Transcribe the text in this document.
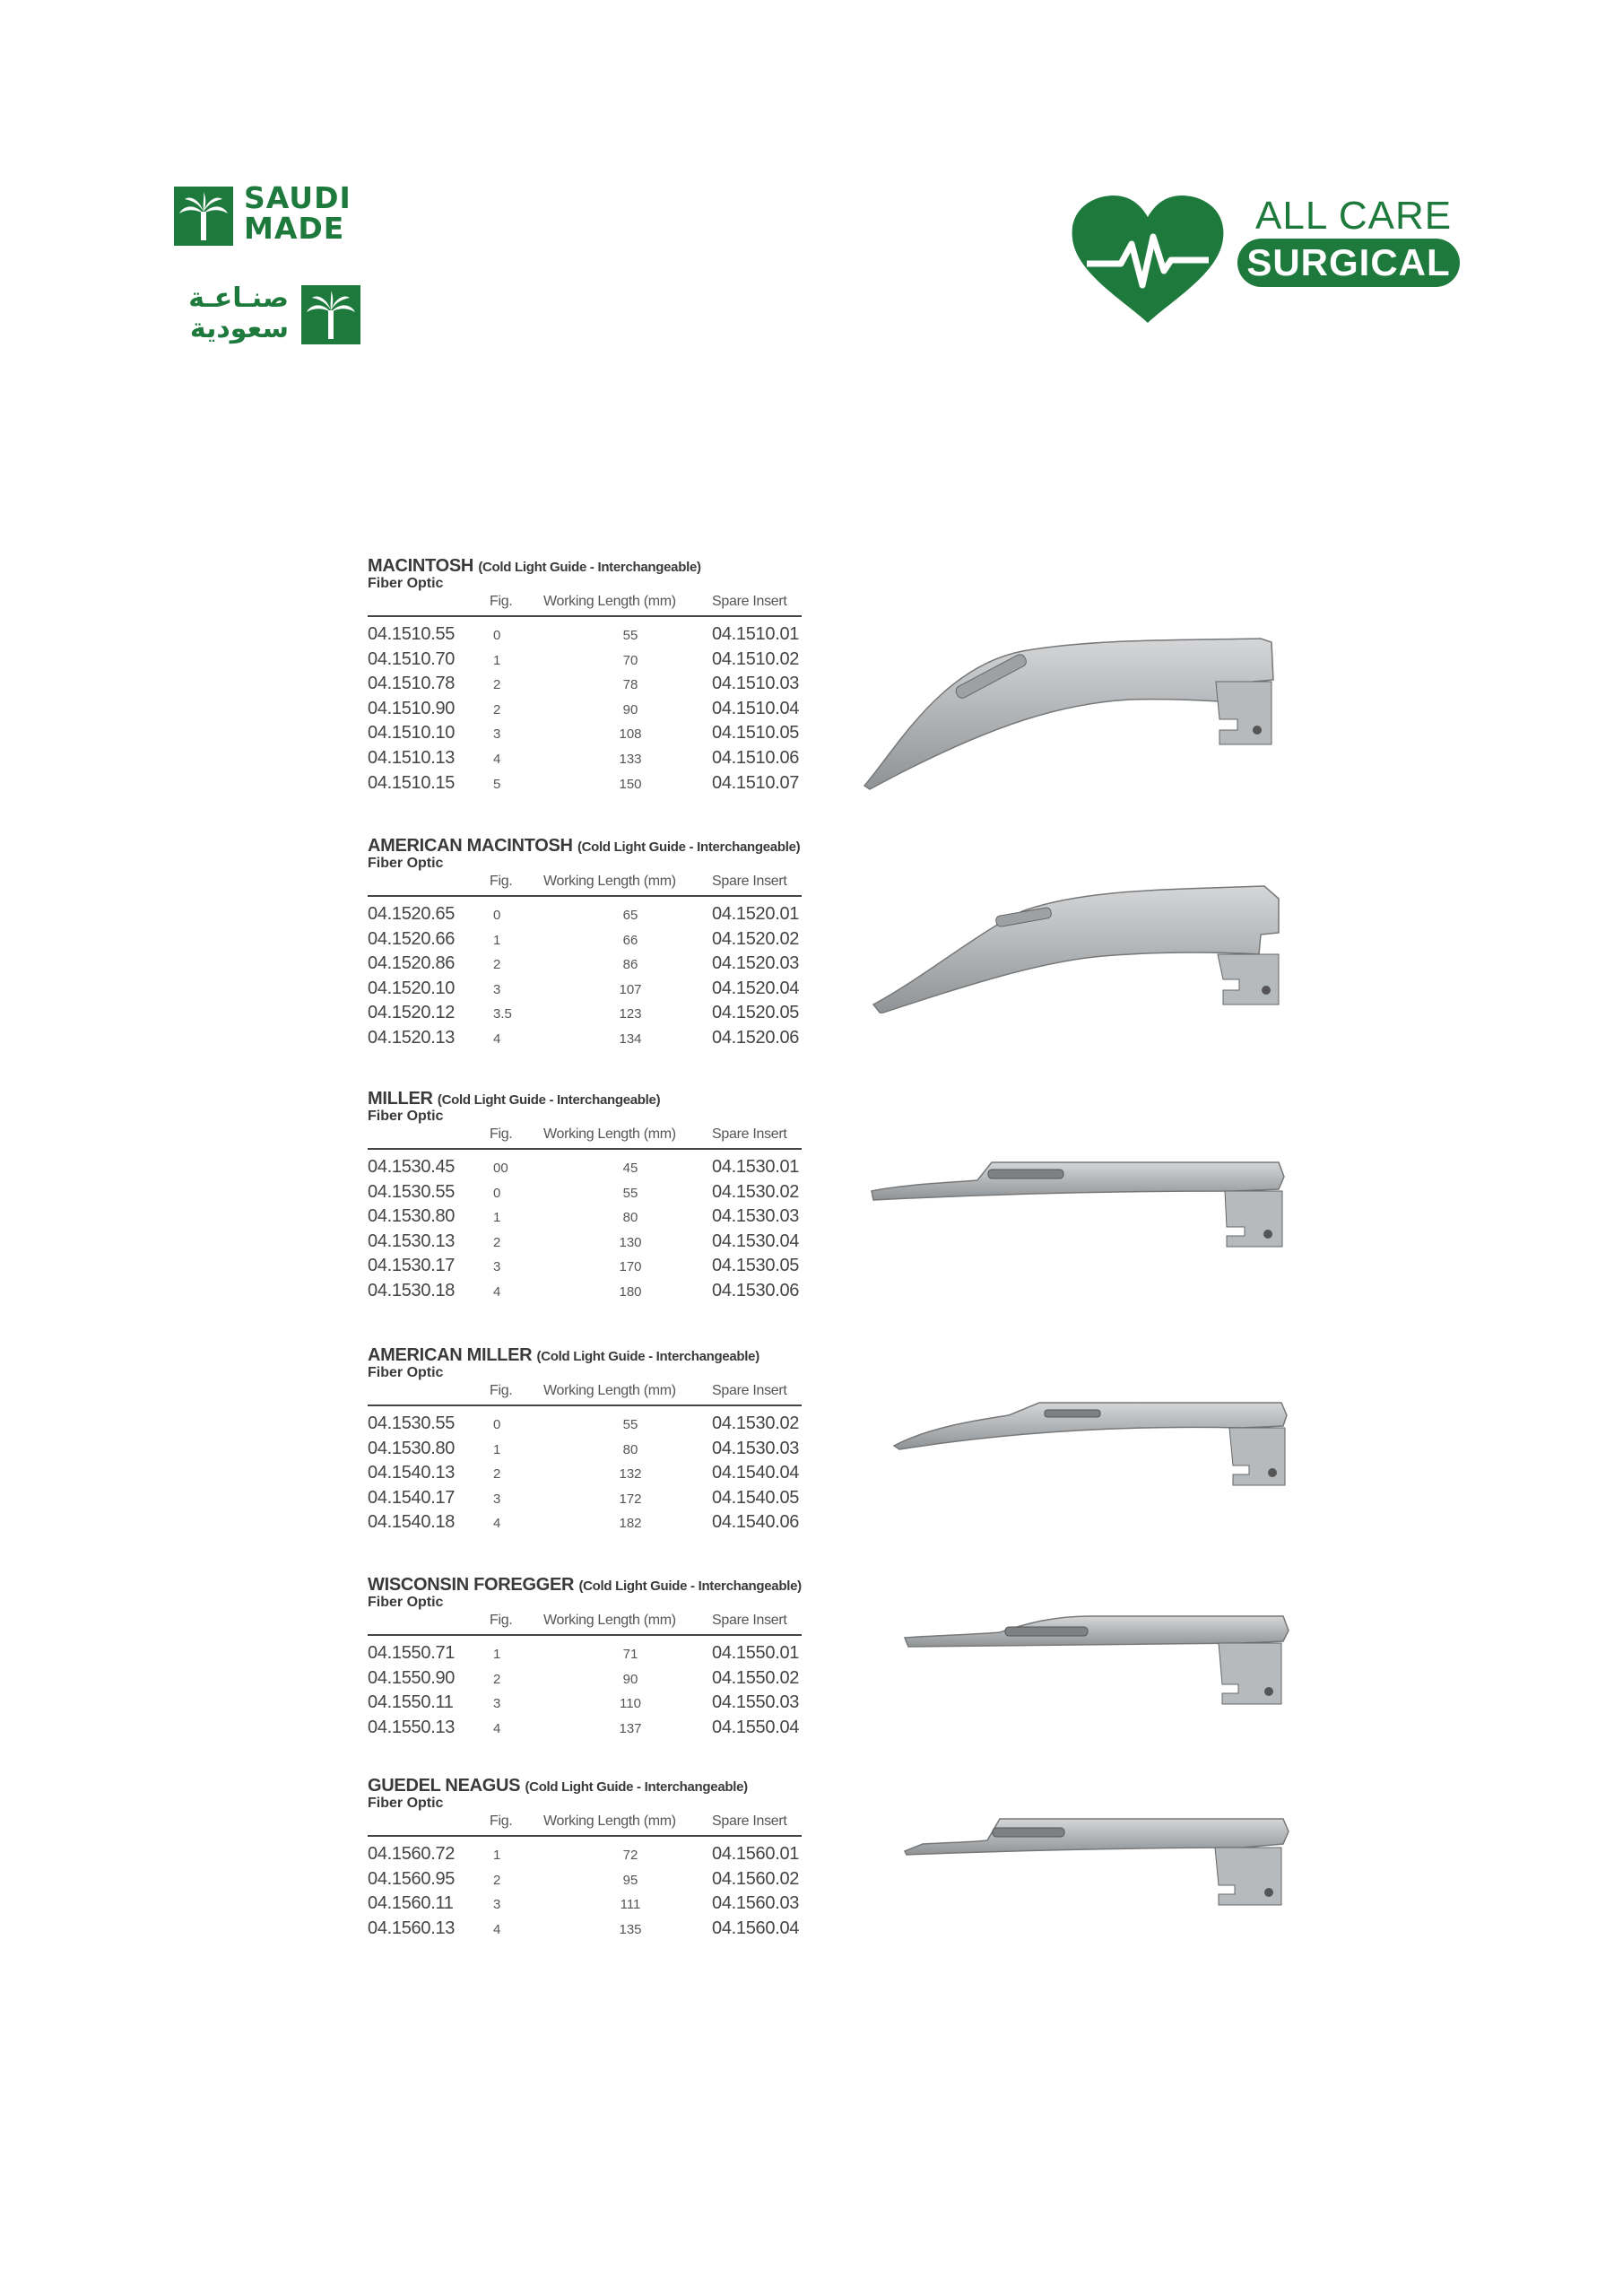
SAUDI
MADE
صنـاعـة
سعودية
ALL CARE
SURGICAL
MACINTOSH (Cold Light Guide - Interchangeable)
Fiber Optic
Fig. Working Length (mm)	Spare Insert
04.1510.55	0	55	04.1510.01
04.1510.70	1	70	04.1510.02
04.1510.78	2	78	04.1510.03
04.1510.90	2	90	04.1510.04
04.1510.10	3	108	04.1510.05
04.1510.13	4	133	04.1510.06
04.1510.15	5	150	04.1510.07
AMERICAN MACINTOSH (Cold Light Guide - Interchangeable)
Fiber Optic
Fig. Working Length (mm)	Spare Insert
04.1520.65	0	65	04.1520.01
04.1520.66	1	66	04.1520.02
04.1520.86	2	86	04.1520.03
04.1520.10	3	107	04.1520.04
04.1520.12	3.5	123	04.1520.05
04.1520.13	4	134	04.1520.06
MILLER (Cold Light Guide - Interchangeable)
Fiber Optic
Fig. Working Length (mm)	Spare Insert
04.1530.45	00	45	04.1530.01
04.1530.55	0	55	04.1530.02
04.1530.80	1	80	04.1530.03
04.1530.13	2	130	04.1530.04
04.1530.17	3	170	04.1530.05
04.1530.18	4	180	04.1530.06
AMERICAN MILLER (Cold Light Guide - Interchangeable)
Fiber Optic
Fig. Working Length (mm)	Spare Insert
04.1530.55	0	55	04.1530.02
04.1530.80	1	80	04.1530.03
04.1540.13	2	132	04.1540.04
04.1540.17	3	172	04.1540.05
04.1540.18	4	182	04.1540.06
WISCONSIN FOREGGER (Cold Light Guide - Interchangeable)
Fiber Optic
Fig. Working Length (mm)	Spare Insert
04.1550.71	1	71	04.1550.01
04.1550.90	2	90	04.1550.02
04.1550.11	3	110	04.1550.03
04.1550.13	4	137	04.1550.04
GUEDEL NEAGUS (Cold Light Guide - Interchangeable)
Fiber Optic
Fig. Working Length (mm)	Spare Insert
04.1560.72	1	72	04.1560.01
04.1560.95	2	95	04.1560.02
04.1560.11	3	111	04.1560.03
04.1560.13	4	135	04.1560.04
